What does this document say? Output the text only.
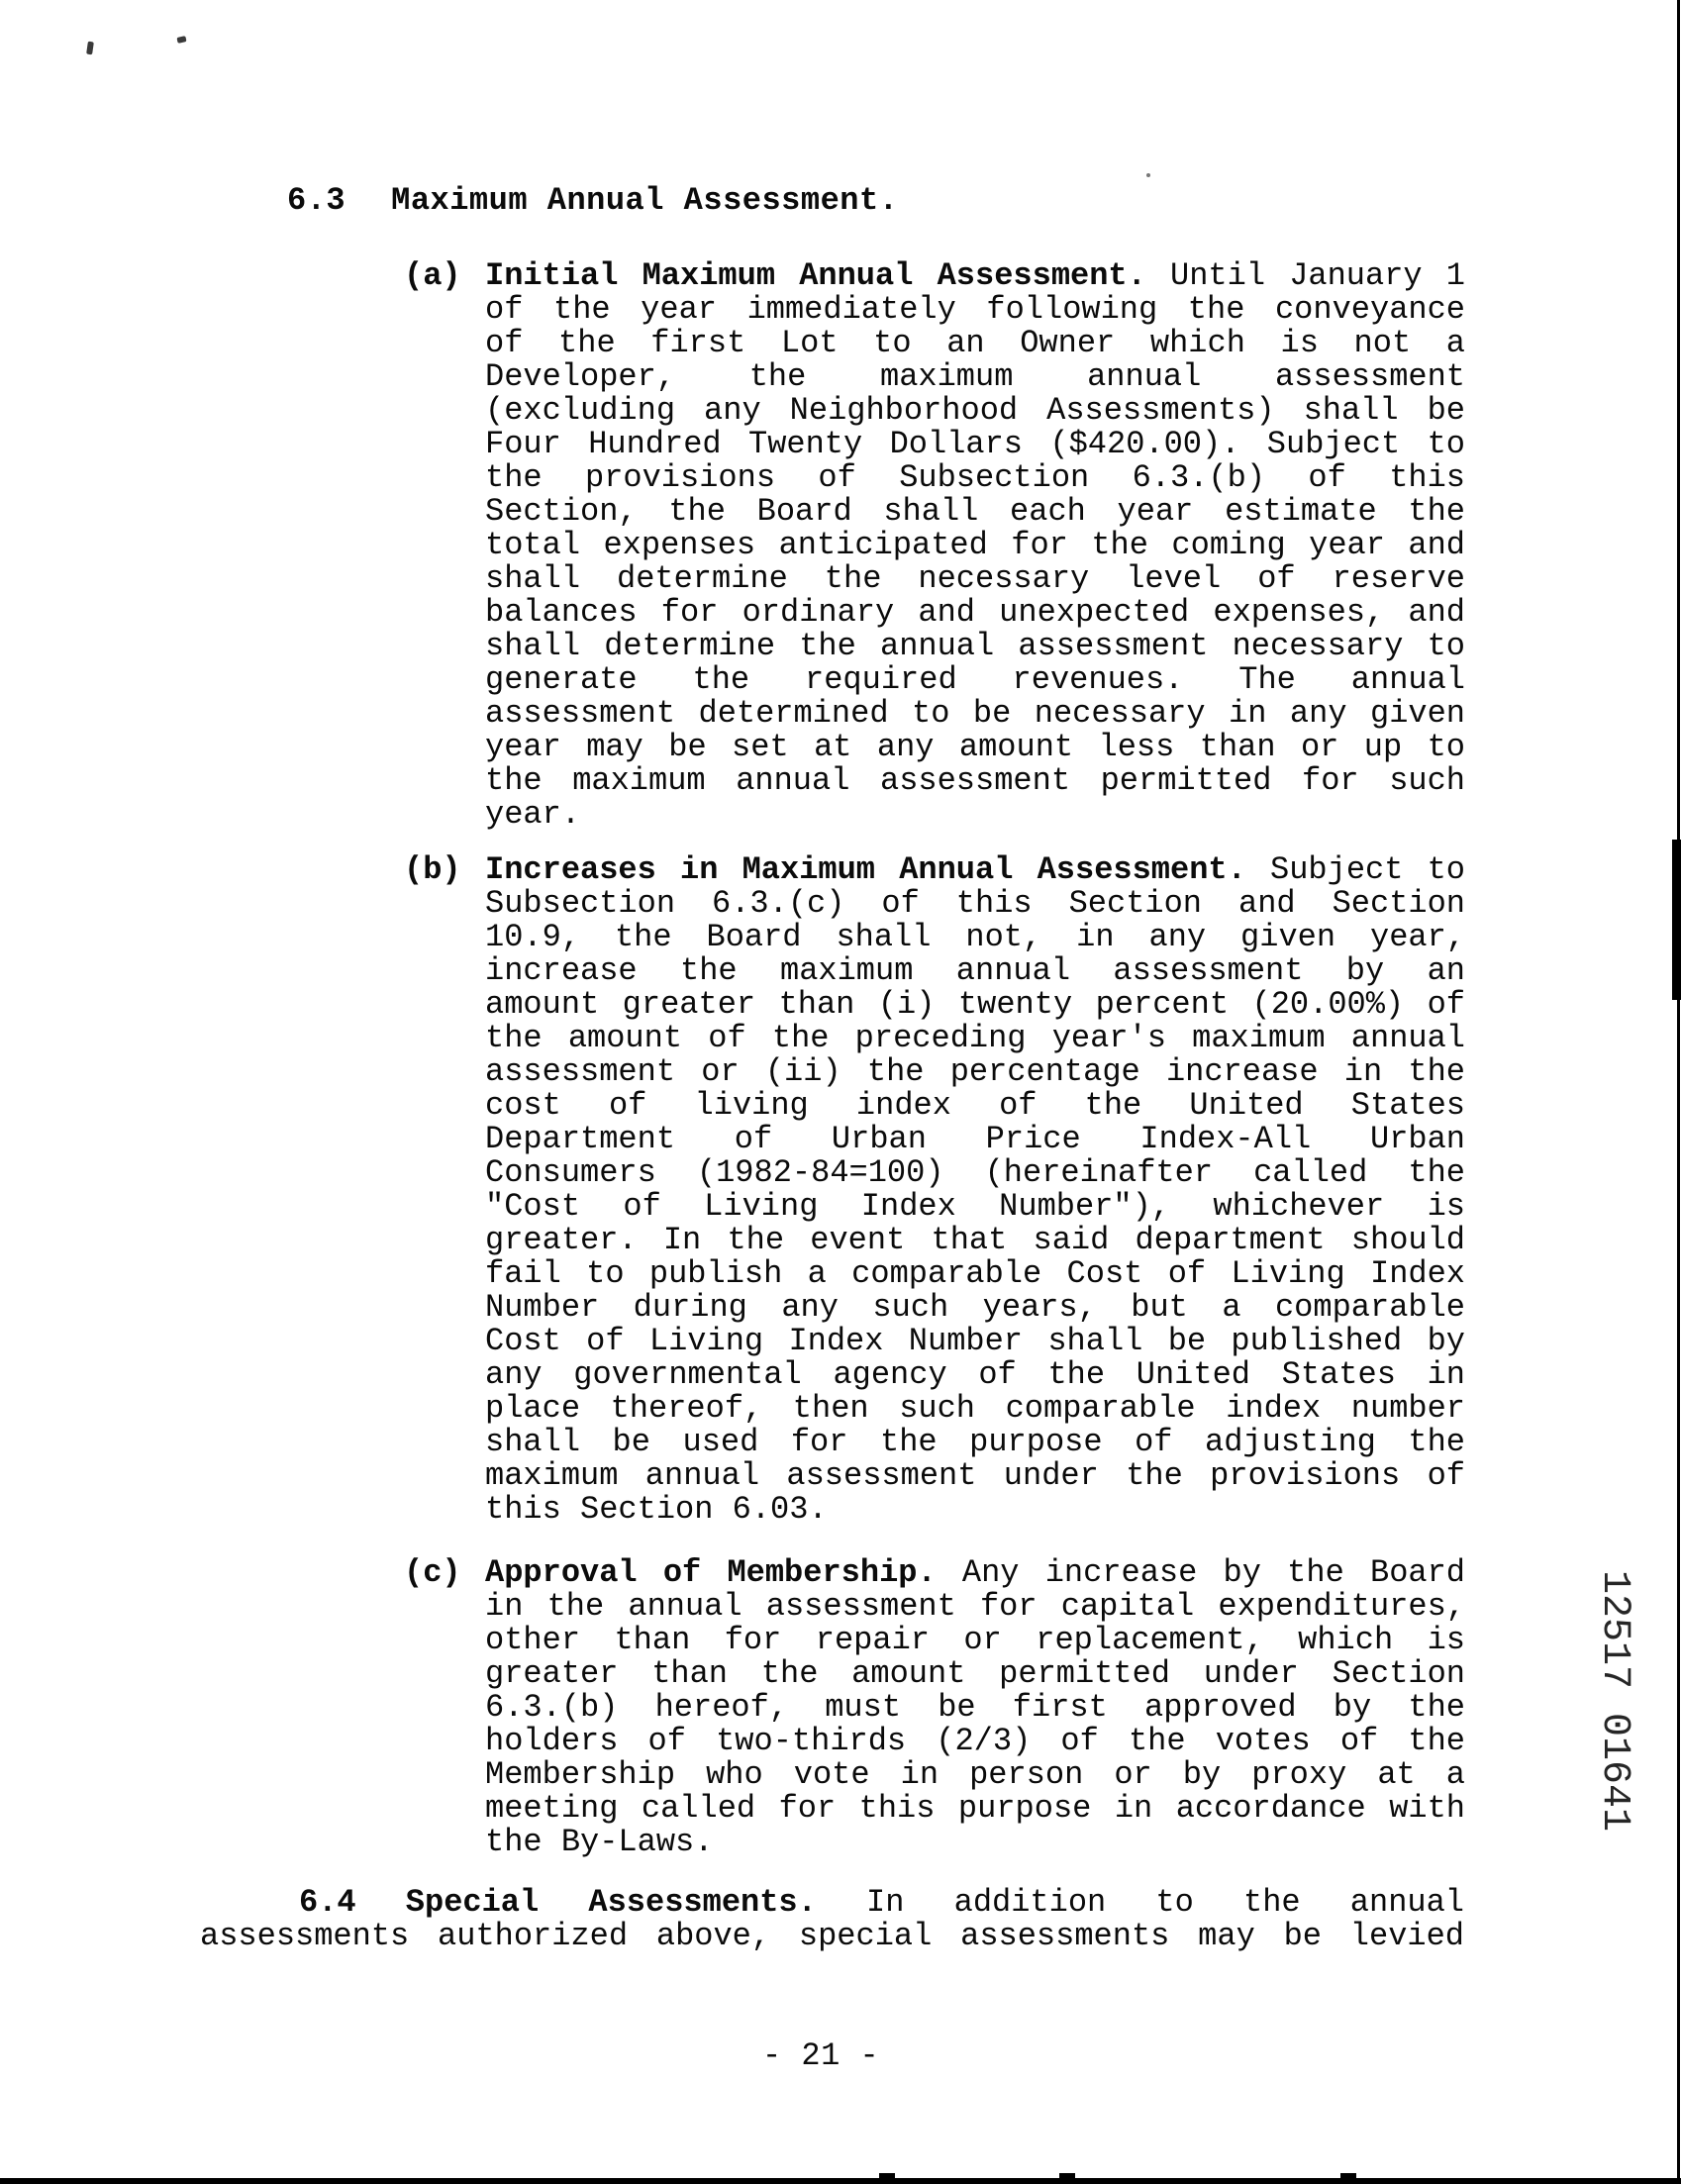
6.3 Maximum Annual Assessment.
(a) Initial Maximum Annual Assessment. Until January 1
of the year immediately following the conveyance
of the first Lot to an Owner which is not a
Developer, the maximum annual assessment
(excluding any Neighborhood Assessments) shall be
Four Hundred Twenty Dollars ($420.00). Subject to
the provisions of Subsection 6.3.(b) of this
Section, the Board shall each year estimate the
total expenses anticipated for the coming year and
shall determine the necessary level of reserve
balances for ordinary and unexpected expenses, and
shall determine the annual assessment necessary to
generate the required revenues. The annual
assessment determined to be necessary in any given
year may be set at any amount less than or up to
the maximum annual assessment permitted for such
year.
(b) Increases in Maximum Annual Assessment. Subject to
Subsection 6.3.(c) of this Section and Section
10.9, the Board shall not, in any given year,
increase the maximum annual assessment by an
amount greater than (i) twenty percent (20.00%) of
the amount of the preceding year's maximum annual
assessment or (ii) the percentage increase in the
cost of living index of the United States
Department of Urban Price Index-All Urban
Consumers (1982-84=100) (hereinafter called the
"Cost of Living Index Number"), whichever is
greater. In the event that said department should
fail to publish a comparable Cost of Living Index
Number during any such years, but a comparable
Cost of Living Index Number shall be published by
any governmental agency of the United States in
place thereof, then such comparable index number
shall be used for the purpose of adjusting the
maximum annual assessment under the provisions of
this Section 6.03.
(c) Approval of Membership. Any increase by the Board
in the annual assessment for capital expenditures,
other than for repair or replacement, which is
greater than the amount permitted under Section
6.3.(b) hereof, must be first approved by the
holders of two-thirds (2/3) of the votes of the
Membership who vote in person or by proxy at a
meeting called for this purpose in accordance with
the By-Laws.
6.4 Special Assessments. In addition to the annual
assessments authorized above, special assessments may be levied
- 21 -
12517 01641
